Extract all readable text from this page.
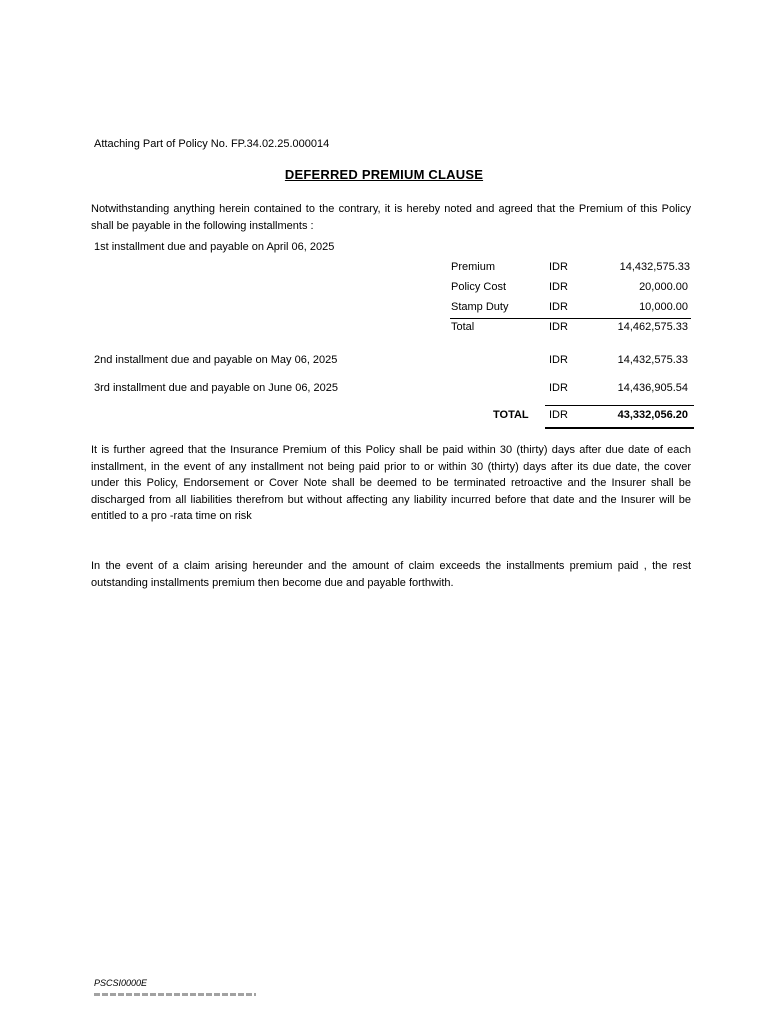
Attaching Part of Policy No. FP.34.02.25.000014
DEFERRED PREMIUM CLAUSE
Notwithstanding anything herein contained to the contrary, it is hereby noted and agreed that the Premium of this Policy shall be payable in the following installments :
1st installment due and payable on April 06, 2025
Premium	IDR	14,432,575.33
Policy Cost	IDR	20,000.00
Stamp Duty	IDR	10,000.00
Total	IDR	14,462,575.33
2nd installment due and payable on May 06, 2025	IDR	14,432,575.33
3rd installment due and payable on June 06, 2025	IDR	14,436,905.54
TOTAL IDR	43,332,056.20
It is further agreed that the Insurance Premium of this Policy shall be paid within 30 (thirty) days after due date of each installment, in the event of any installment not being paid prior to or within 30 (thirty) days after its due date, the cover under this Policy, Endorsement or Cover Note shall be deemed to be terminated retroactive and the Insurer shall be discharged from all liabilities therefrom but without affecting any liability incurred before that date and the Insurer will be entitled to a pro -rata time on risk
In the event of a claim arising hereunder and the amount of claim exceeds the installments premium paid , the rest outstanding installments premium then become due and payable forthwith.
PSCSI0000E
